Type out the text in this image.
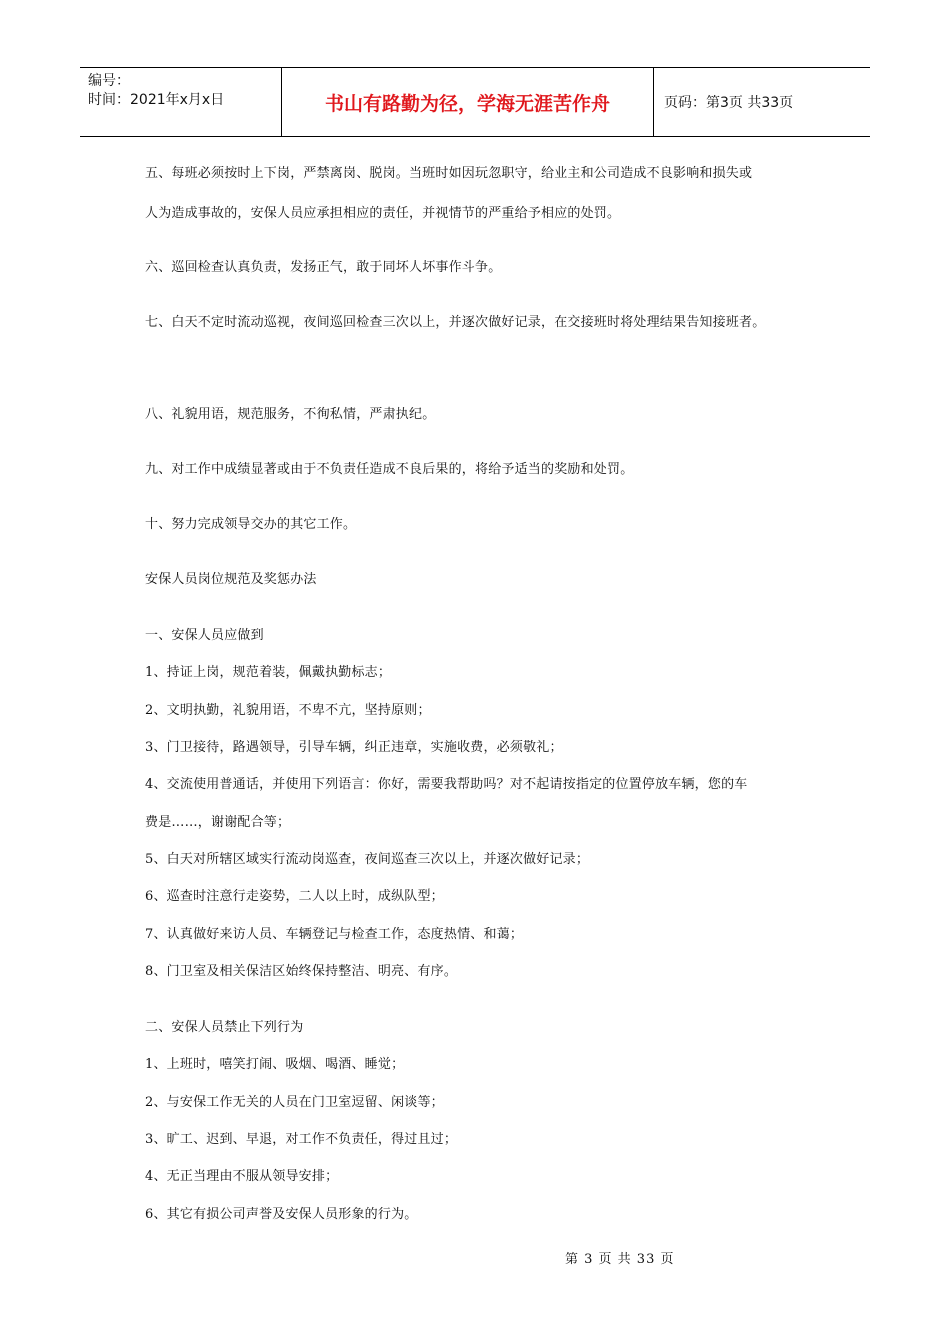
编号：
时间：2021年x月x日	书山有路勤为径，学海无涯苦作舟	页码：第3页 共33页
五、每班必须按时上下岗，严禁离岗、脱岗。当班时如因玩忽职守，给业主和公司造成不良影响和损失或
人为造成事故的，安保人员应承担相应的责任，并视情节的严重给予相应的处罚。
六、巡回检查认真负责，发扬正气，敢于同坏人坏事作斗争。
七、白天不定时流动巡视，夜间巡回检查三次以上，并逐次做好记录，在交接班时将处理结果告知接班者。
八、礼貌用语，规范服务，不徇私情，严肃执纪。
九、对工作中成绩显著或由于不负责任造成不良后果的，将给予适当的奖励和处罚。
十、努力完成领导交办的其它工作。
安保人员岗位规范及奖惩办法
一、安保人员应做到
1、持证上岗，规范着装，佩戴执勤标志；
2、文明执勤，礼貌用语，不卑不亢，坚持原则；
3、门卫接待，路遇领导，引导车辆，纠正违章，实施收费，必须敬礼；
4、交流使用普通话，并使用下列语言：你好，需要我帮助吗？对不起请按指定的位置停放车辆，您的车
费是……，谢谢配合等；
5、白天对所辖区域实行流动岗巡查，夜间巡查三次以上，并逐次做好记录；
6、巡查时注意行走姿势，二人以上时，成纵队型；
7、认真做好来访人员、车辆登记与检查工作，态度热情、和蔼；
8、门卫室及相关保洁区始终保持整洁、明亮、有序。
二、安保人员禁止下列行为
1、上班时，嘻笑打闹、吸烟、喝酒、睡觉；
2、与安保工作无关的人员在门卫室逗留、闲谈等；
3、旷工、迟到、早退，对工作不负责任，得过且过；
4、无正当理由不服从领导安排；
6、其它有损公司声誉及安保人员形象的行为。
第 3 页 共 33 页
